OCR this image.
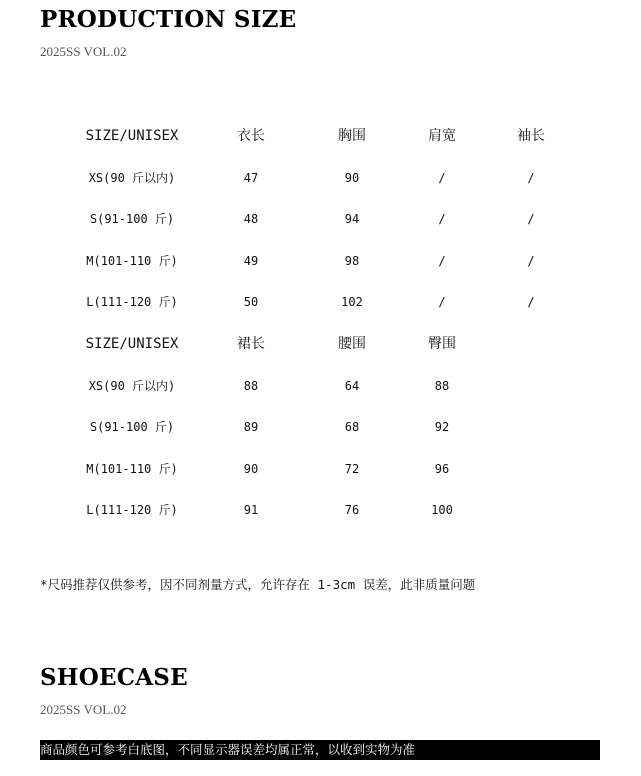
PRODUCTION SIZE
2025SS VOL.02
SIZE/UNISEX	衣长	胸围	肩宽	袖长
XS(90 斤以内)	47	90	/	/
S(91-100 斤)	48	94	/	/
M(101-110 斤)	49	98	/	/
L(111-120 斤)	50	102	/	/
SIZE/UNISEX	裙长	腰围	臀围
XS(90 斤以内)	88	64	88
S(91-100 斤)	89	68	92
M(101-110 斤)	90	72	96
L(111-120 斤)	91	76	100
*尺码推荐仅供参考，因不同剂量方式，允许存在 1-3cm 误差，此非质量问题
SHOECASE
2025SS VOL.02
商品颜色可参考白底图，不同显示器误差均属正常，以收到实物为准
